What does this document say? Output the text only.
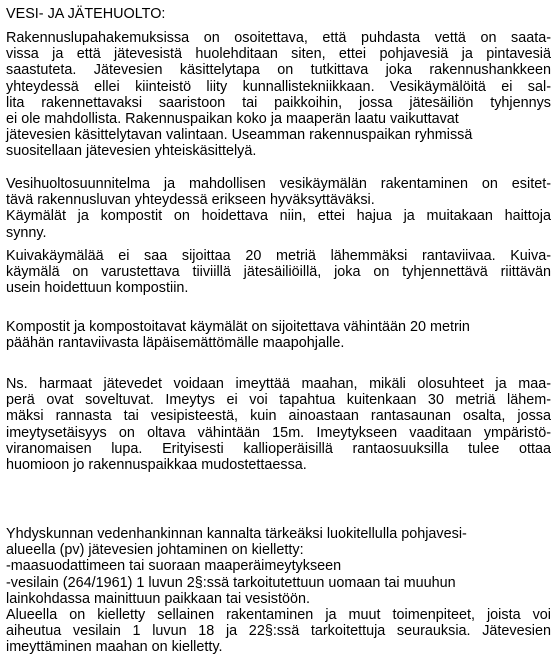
VESI- JA JÄTEHUOLTO:
Rakennuslupahakemuksissa on osoitettava, että puhdasta vettä on saata-
vissa ja että jätevesistä huolehditaan siten, ettei pohjavesiä ja pintavesiä
saastuteta. Jätevesien käsittelytapa on tutkittava joka rakennushankkeen
yhteydessä ellei kiinteistö liity kunnallistekniikkaan. Vesikäymälöitä ei sal-
lita rakennettavaksi saaristoon tai paikkoihin, jossa jätesäiliön tyhjennys
ei ole mahdollista. Rakennuspaikan koko ja maaperän laatu vaikuttavat
jätevesien käsittelytavan valintaan. Useamman rakennuspaikan ryhmissä
suositellaan jätevesien yhteiskäsittelyä.
Vesihuoltosuunnitelma ja mahdollisen vesikäymälän rakentaminen on esitet-
tävä rakennusluvan yhteydessä erikseen hyväksyttäväksi.
Käymälät ja kompostit on hoidettava niin, ettei hajua ja muitakaan haittoja
synny.
Kuivakäymälää ei saa sijoittaa 20 metriä lähemmäksi rantaviivaa. Kuiva-
käymälä on varustettava tiiviillä jätesäiliöillä, joka on tyhjennettävä riittävän
usein hoidettuun kompostiin.
Kompostit ja kompostoitavat käymälät on sijoitettava vähintään 20 metrin
päähän rantaviivasta läpäisemättömälle maapohjalle.
Ns. harmaat jätevedet voidaan imeyttää maahan, mikäli olosuhteet ja maa-
perä ovat soveltuvat. Imeytys ei voi tapahtua kuitenkaan 30 metriä lähem-
mäksi rannasta tai vesipisteestä, kuin ainoastaan rantasaunan osalta, jossa
imeytysetäisyys on oltava vähintään 15m. Imeytykseen vaaditaan ympäristö-
viranomaisen lupa. Erityisesti kallioperäisillä rantaosuuksilla tulee ottaa
huomioon jo rakennuspaikkaa mudostettaessa.
Yhdyskunnan vedenhankinnan kannalta tärkeäksi luokitellulla pohjavesi-
alueella (pv) jätevesien johtaminen on kielletty:
-maasuodattimeen tai suoraan maaperäimeytykseen
-vesilain (264/1961) 1 luvun 2§:ssä tarkoitutettuun uomaan tai muuhun
lainkohdassa mainittuun paikkaan tai vesistöön.
Alueella on kielletty sellainen rakentaminen ja muut toimenpiteet, joista voi
aiheutua vesilain 1 luvun 18 ja 22§:ssä tarkoitettuja seurauksia. Jätevesien
imeyttäminen maahan on kielletty.
